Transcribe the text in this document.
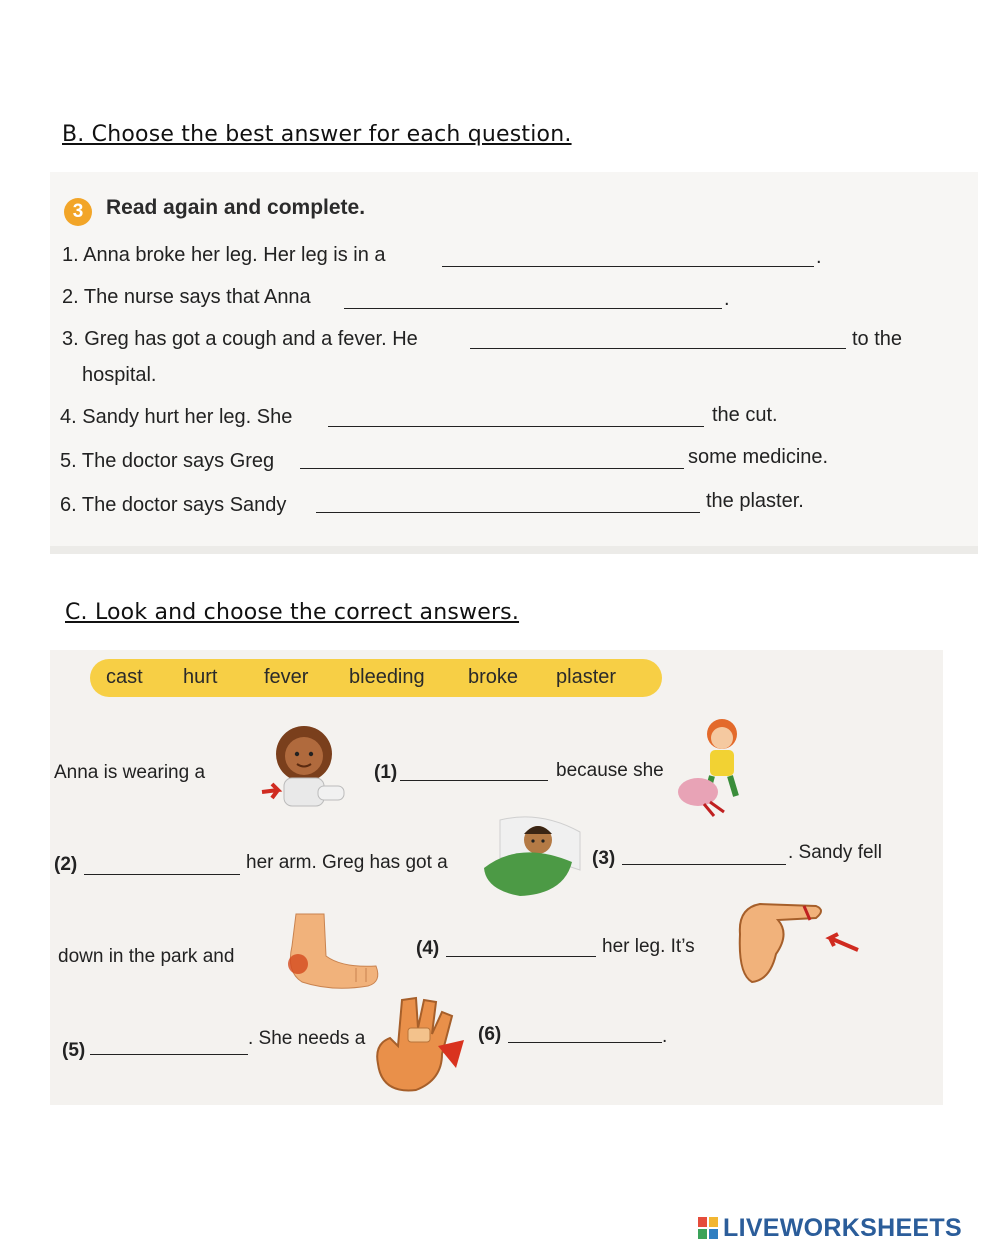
B. Choose the best answer for each question.
3	Read again and complete.
1. Anna broke her leg. Her leg is in a	.
2. The nurse says that Anna	.
3. Greg has got a cough and a fever. He	to the
hospital.
4. Sandy hurt her leg. She	the cut.
5. The doctor says Greg	some medicine.
6. The doctor says Sandy	the plaster.
C. Look and choose the correct answers.
cast hurt fever bleeding broke plaster
Anna is wearing a	(1)	because she
(2)	her arm. Greg has got a	(3)	. Sandy fell
down in the park and	(4)	her leg. It’s
(5)
. She needs a	(6)	.
LIVEWORKSHEETS
